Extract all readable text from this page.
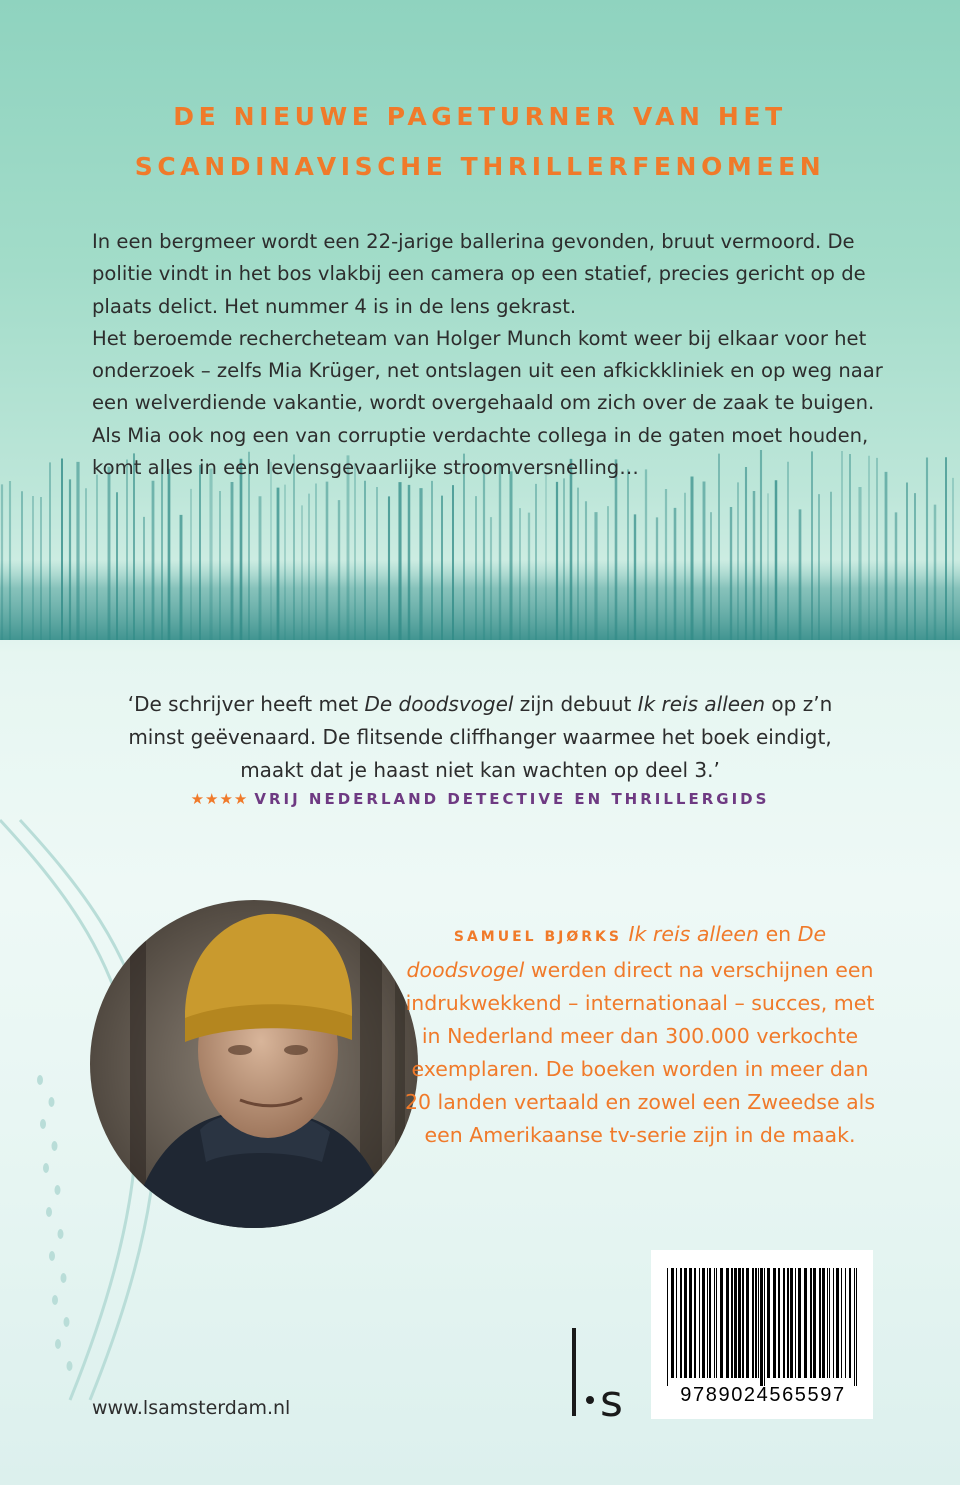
DE NIEUWE PAGETURNER VAN HET
SCANDINAVISCHE THRILLERFENOMEEN

In een bergmeer wordt een 22-jarige ballerina gevonden, bruut vermoord. De politie vindt in het bos vlakbij een camera op een statief, precies gericht op de plaats delict. Het nummer 4 is in de lens gekrast.

Het beroemde rechercheteam van Holger Munch komt weer bij elkaar voor het onderzoek – zelfs Mia Krüger, net ontslagen uit een afkickkliniek en op weg naar een welverdiende vakantie, wordt overgehaald om zich over de zaak te buigen.

Als Mia ook nog een van corruptie verdachte collega in de gaten moet houden, komt alles in een levensgevaarlijke stroomversnelling…

‘De schrijver heeft met De doodsvogel zijn debuut Ik reis alleen op z’n minst geëvenaard. De flitsende cliffhanger waarmee het boek eindigt, maakt dat je haast niet kan wachten op deel 3.’

★★★★ VRIJ NEDERLAND DETECTIVE EN THRILLERGIDS

SAMUEL BJØRKS Ik reis alleen en De doodsvogel werden direct na verschijnen een indrukwekkend – internationaal – succes, met in Nederland meer dan 300.000 verkochte exemplaren. De boeken worden in meer dan 20 landen vertaald en zowel een Zweedse als een Amerikaanse tv-serie zijn in de maak.

www.lsamsterdam.nl	s	9789024565597
